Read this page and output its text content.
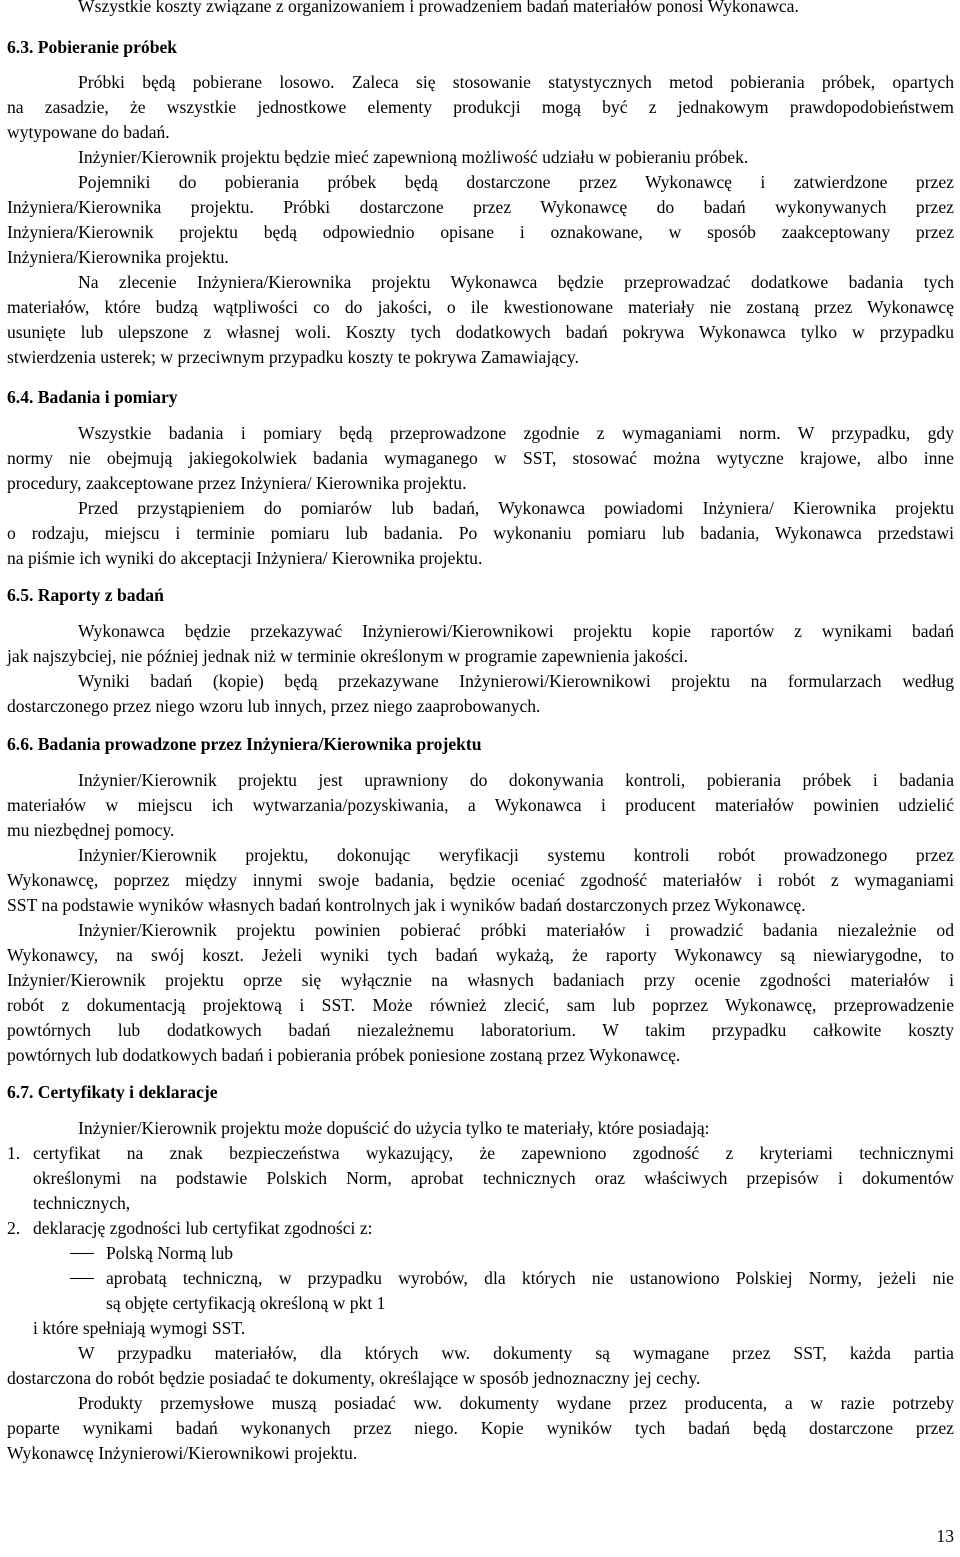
Wszystkie koszty związane z organizowaniem i prowadzeniem badań materiałów ponosi Wykonawca.

6.3. Pobieranie próbek

Próbki będą pobierane losowo. Zaleca się stosowanie statystycznych metod pobierania próbek, opartych

na zasadzie, że wszystkie jednostkowe elementy produkcji mogą być z jednakowym prawdopodobieństwem

wytypowane do badań.

Inżynier/Kierownik projektu będzie mieć zapewnioną możliwość udziału w pobieraniu próbek.

Pojemniki do pobierania próbek będą dostarczone przez Wykonawcę i zatwierdzone przez

Inżyniera/Kierownika projektu. Próbki dostarczone przez Wykonawcę do badań wykonywanych przez

Inżyniera/Kierownik projektu będą odpowiednio opisane i oznakowane, w sposób zaakceptowany przez

Inżyniera/Kierownika projektu.

Na zlecenie Inżyniera/Kierownika projektu Wykonawca będzie przeprowadzać dodatkowe badania tych

materiałów, które budzą wątpliwości co do jakości, o ile kwestionowane materiały nie zostaną przez Wykonawcę

usunięte lub ulepszone z własnej woli. Koszty tych dodatkowych badań pokrywa Wykonawca tylko w przypadku

stwierdzenia usterek; w przeciwnym przypadku koszty te pokrywa Zamawiający.

6.4. Badania i pomiary

Wszystkie badania i pomiary będą przeprowadzone zgodnie z wymaganiami norm. W przypadku, gdy

normy nie obejmują jakiegokolwiek badania wymaganego w SST, stosować można wytyczne krajowe, albo inne

procedury, zaakceptowane przez Inżyniera/ Kierownika projektu.

Przed przystąpieniem do pomiarów lub badań, Wykonawca powiadomi Inżyniera/ Kierownika projektu

o rodzaju, miejscu i terminie pomiaru lub badania. Po wykonaniu pomiaru lub badania, Wykonawca przedstawi

na piśmie ich wyniki do akceptacji Inżyniera/ Kierownika projektu.

6.5. Raporty z badań

Wykonawca będzie przekazywać Inżynierowi/Kierownikowi projektu kopie raportów z wynikami badań

jak najszybciej, nie później jednak niż w terminie określonym w programie zapewnienia jakości.

Wyniki badań (kopie) będą przekazywane Inżynierowi/Kierownikowi projektu na formularzach według

dostarczonego przez niego wzoru lub innych, przez niego zaaprobowanych.

6.6. Badania prowadzone przez Inżyniera/Kierownika projektu

Inżynier/Kierownik projektu jest uprawniony do dokonywania kontroli, pobierania próbek i badania

materiałów w miejscu ich wytwarzania/pozyskiwania, a Wykonawca i producent materiałów powinien udzielić

mu niezbędnej pomocy.

Inżynier/Kierownik projektu, dokonując weryfikacji systemu kontroli robót prowadzonego przez

Wykonawcę, poprzez między innymi swoje badania, będzie oceniać zgodność materiałów i robót z wymaganiami

SST na podstawie wyników własnych badań kontrolnych jak i wyników badań dostarczonych przez Wykonawcę.

Inżynier/Kierownik projektu powinien pobierać próbki materiałów i prowadzić badania niezależnie od

Wykonawcy, na swój koszt. Jeżeli wyniki tych badań wykażą, że raporty Wykonawcy są niewiarygodne, to

Inżynier/Kierownik projektu oprze się wyłącznie na własnych badaniach przy ocenie zgodności materiałów i

robót z dokumentacją projektową i SST. Może również zlecić, sam lub poprzez Wykonawcę, przeprowadzenie

powtórnych lub dodatkowych badań niezależnemu laboratorium. W takim przypadku całkowite koszty

powtórnych lub dodatkowych badań i pobierania próbek poniesione zostaną przez Wykonawcę.

6.7. Certyfikaty i deklaracje

Inżynier/Kierownik projektu może dopuścić do użycia tylko te materiały, które posiadają:

1. certyfikat na znak bezpieczeństwa wykazujący, że zapewniono zgodność z kryteriami technicznymi

określonymi na podstawie Polskich Norm, aprobat technicznych oraz właściwych przepisów i dokumentów

technicznych,

2. deklarację zgodności lub certyfikat zgodności z:

Polską Normą lub

aprobatą techniczną, w przypadku wyrobów, dla których nie ustanowiono Polskiej Normy, jeżeli nie

są objęte certyfikacją określoną w pkt 1

i które spełniają wymogi SST.

W przypadku materiałów, dla których ww. dokumenty są wymagane przez SST, każda partia

dostarczona do robót będzie posiadać te dokumenty, określające w sposób jednoznaczny jej cechy.

Produkty przemysłowe muszą posiadać ww. dokumenty wydane przez producenta, a w razie potrzeby

poparte wynikami badań wykonanych przez niego. Kopie wyników tych badań będą dostarczone przez

Wykonawcę Inżynierowi/Kierownikowi projektu.

13
